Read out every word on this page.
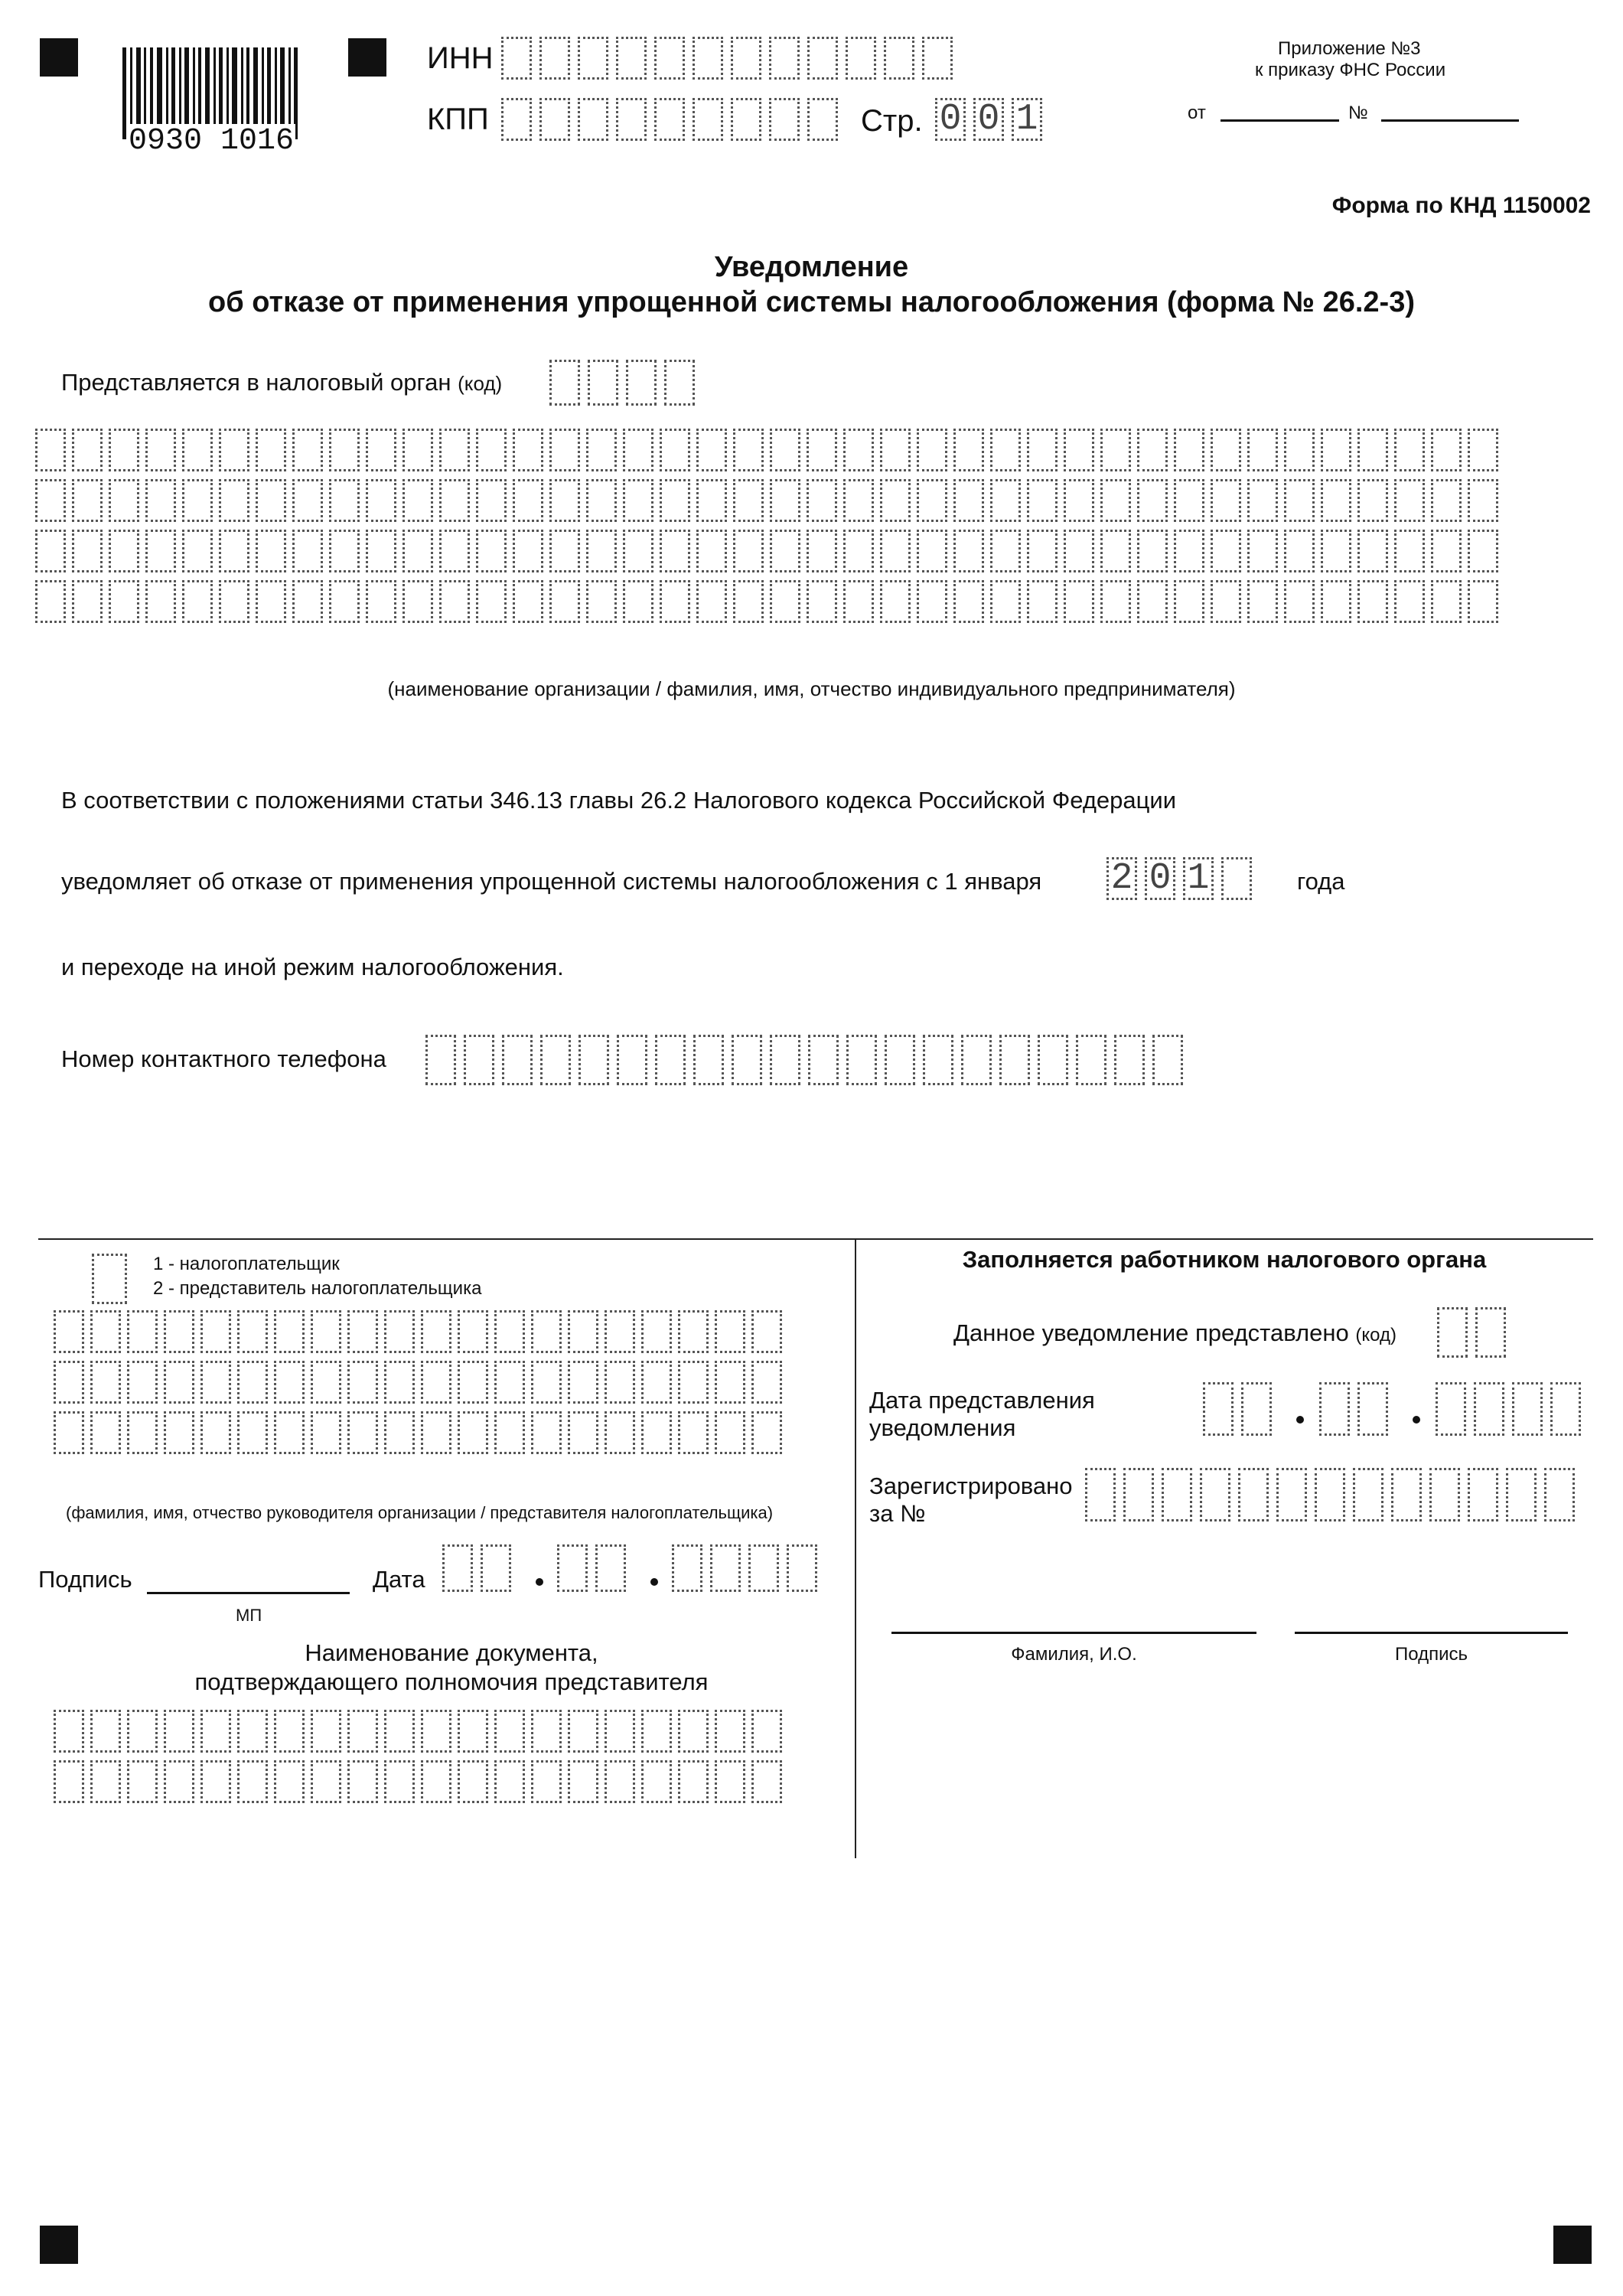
0930 1016
ИНН
КПП	Стр. 0 0 1
Приложение №3
к приказу ФНС России
от	№
Форма по КНД 1150002
Уведомление
об отказе от применения упрощенной системы налогообложения (форма № 26.2-3)
Представляется в налоговый орган (код)
(наименование организации / фамилия, имя, отчество индивидуального предпринимателя)
В соответствии с положениями статьи 346.13 главы 26.2 Налогового кодекса Российской Федерации
уведомляет об отказе от применения упрощенной системы налогообложения с 1 января 2 0 1	года
и переходе на иной режим налогообложения.
Номер контактного телефона
1 - налогоплательщик
2 - представитель налогоплательщика
(фамилия, имя, отчество руководителя организации / представителя налогоплательщика)
Подпись
МП
Дата
Наименование документа,
подтверждающего полномочия представителя
Заполняется работником налогового органа
Данное уведомление представлено (код)
Дата представления
уведомления
Зарегистрировано
за №
Фамилия, И.О.	Подпись
